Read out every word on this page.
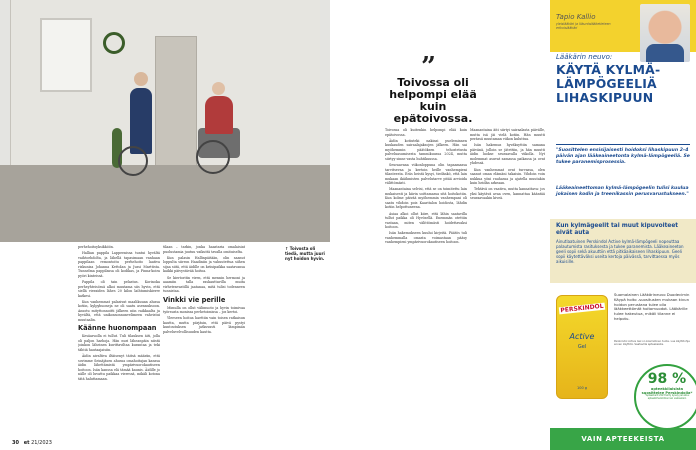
perhehoitoyksikköön.

Hallian pappila Lappeenissa tuntui hyvältä vaihtoehdolta, ja lähellä tapasimaan vanhaan pappilaan remontoitu perhehoito laativa riskunisa Johanna Kettolan ja Jussi Marttista. Tunnelma pappilassa oli kodikas, ja Pinna-koira pyöri kinteissä.

Pappila oli tain pelastus. Korinoka perheyhteisössä alkoi muutama siis hyvin, että siellä vieraiden lähes 20 kilon laihtumiskierre katkesi.

Kun vanhemmat palasivat maalikuuan alussa kotiin, kylpyhuoneja ne oli saatu asennuksoon. Ansotu mityttonnoitti jälkeen niin raikkaalta ja hyvältä, että unikonsonnunvelimeen vahvistui muutaalin.

Käänne huonompaan

Kesäaruolla ei tullut. Tuli tilauksen äiti, jolla oli paljon harhoja. Hän nuri läheanpäin niistä joinkon läheinen kuvittaviltaa kurantaa ja teki tähtiä hautaajaisiin.

Äidin aivaltiva iltäisenyt täitsä määrän, että sovimme Seinäjäsen ahussa omahoitajan kanssa äidin lähettämistä ympärivuorokautiseen hoitoon. Isän kanssa elä tämää kaunis. Äidille jo nälle oli luvattu paikkaa vieressä, mikäli kotona tätä haluttamaan.

tilaan – tarkin, jonka haastaria omalaisiat puolustamia juutuu vaikuttä tavalla omituiselta.

Kun palasin Hallinpäitään, olin saanut loppulta siirron Haadiniin ja vahuutettua siihen sijaa siitä, että äidille on kriisipaikka saatavansa kaikki päivystävää hoitoa.

Se kiertoritin viren, että mennin hermoni ja aaamiin talla raskauttavilla muita virhetenvastillä jaatanaa, mitä tulisi todenneen tunnistaa.

Vinkki vie perille

Mimulla on ollut välimuoto ja hyvin toimivaa työrsusta monissa perhetoimissa – jos kertoi.

Yleeseen hoitoa haettiin vain toisen ratkaisun kautta, mutta pärjäsin, että päivä pystyi kuntoutuksen jatkuvasti lämpimän palveluvelvollisuuden kautta.

↑ Toivosta oli tiedä, mutta juuri nyt hoidon hyvin.
”
Toivossa oli helpompi elää kuin epätoivossa.

Toivossa oli kuitenkin helpompi elää kuin epätoivossa.

Äidin kotiuteki nakinsi pueleminnen kuukauden sairaalajaksojen jälkeen. Hän sai myöhemmin päätöksen tehostetusta palveluasumisesta tammikuussa 2024, mutta siirtyy sinne vasta huhtikuussa.

Seuraavana viikonloppuna olin tapaamassa tarvitsevaa ja kertoin heille vanhempieni tilanteesta. Eräs heistä kysyi, tiedänkö, että lain mukaan ikäihmisten palvelutarve pitää arvioida välittömästi.

Maanantaina selvisi, että se on toimitettu lain mukaisesti ja kävin soittamassa sitä hoitokotiin. Kun kolme päivää myöhemmin vanhempani oli saatu vihdoin pois Kaaritalon hoidosta, lähdin kotiin helpottuneena.

Asiaa alkoi ollut kiire, että lähin saatavilla tullut paikka oli Hyvösellä. Enemmän otettiin vastaan, miten välittömästi hoidettavaksi hoitoon.

Isän hakemukseen kuului kirjeitä. Päätös tuli vanhemmalla omasta voimastaan pääsy vanhempieni ympärivuorokautiseen hoitoon.

Maanantaina äiti siirtyi sairaalasta päivälle, mutta isä jäi vielä kotiin. Hän muutti perässä muutaman viikon kuluttua.

Isän hakemus hyväksyttiin samana päivänä, jolloin se jätettiin, ja hän muutti äidin luokse seuraavalla viikolla. Nyt molemmat asuvat samassa paikassa ja ovat yhdessä.

Kun vanhemmat ovat turvassa, olen saanut oman elämäni takaisin. Vihdoin voin nukkua yöni rauhassa ja ajatella muutakin kuin heidän arkeaan.

Tehtävä on vaativa, mutta kannattava: jos yksi käytävä avaa oven, kannattaa kääntää seuraavaakin kiveä.

30 et 21/2023
Tapio Kallio
yleislääkäri ja liikuntalääketieteen erikoislääkäri
Lääkärin neuvo:
KÄYTÄ KYLMÄ-LÄMPÖGEELIÄ LIHASKIPUUN
"Suosittelen ensisijaisesti hoidoksi lihaskipuun 2–4 päivän ajan lääkeaineetonta kylmä-lämpögeeliä. Se tukee paranemisprosessia.
Lääkeaineettoman kylmä-lämpögeelin tulisi kuulua jokaisen kodin ja treenikassin perusvarustukseen."
Kun kylmägeelit tai muut kipuvoiteet eivät auta
Ainutlaatuinen Perskindol Active kylmä-lämpögeeli nopeuttaa palautumista rasituksesta ja tukee paranemista. Lääkeaineeton geeli sopii sekä akuuttiin että pitkäaikaiseen lihaskipuun. Geeli sopii käytettäväksi useita kertoja päivässä, tarvittaessa myös aikuisille.
PERSKINDOL
Active
Gel
100 g
Suomalainen Lääkärineuvo Duodecimin Käypä hoito -suositusten mukaan kivun hoidon perustana tulee olla lääkkeettömät hoitomuodot. Lääkärille tulee hakeutua, mikäli tilanne ei helpotu.
Perskindol Active Gel on kosmetinen tuote. Lue käyttöohje ennen käyttöä. Saatavilla apteekeista.
98 %
apteekkilaisista suosittelee Perskindolia*
*Apteekkarit 2023 tehty kysely perustuu apteekkihenkilökunnan vastauksiin
VAIN APTEEKEISTA
